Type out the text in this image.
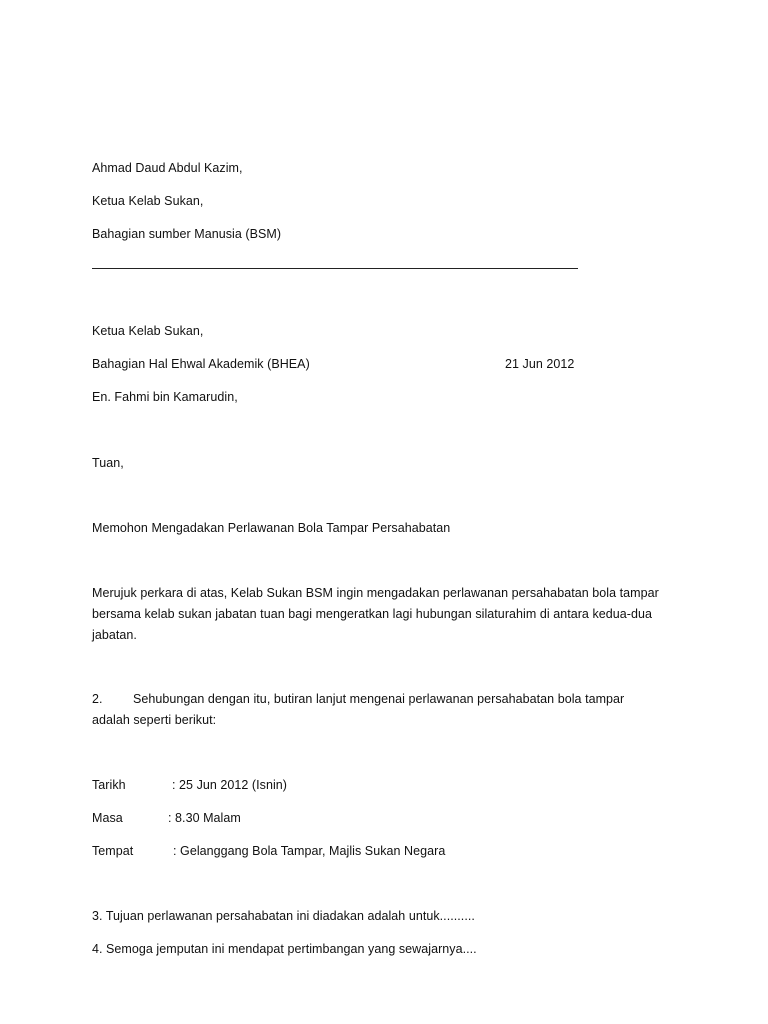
Ahmad Daud Abdul Kazim,
Ketua Kelab Sukan,
Bahagian sumber Manusia (BSM)
Ketua Kelab Sukan,
Bahagian Hal Ehwal Akademik (BHEA)	21 Jun 2012
En. Fahmi bin Kamarudin,
Tuan,
Memohon Mengadakan Perlawanan Bola Tampar Persahabatan
Merujuk perkara di atas, Kelab Sukan BSM ingin mengadakan perlawanan persahabatan bola tampar
bersama kelab sukan jabatan tuan bagi mengeratkan lagi hubungan silaturahim di antara kedua-dua
jabatan.
2. Sehubungan dengan itu, butiran lanjut mengenai perlawanan persahabatan bola tampar
adalah seperti berikut:
Tarikh	: 25 Jun 2012 (Isnin)
Masa	: 8.30 Malam
Tempat	: Gelanggang Bola Tampar, Majlis Sukan Negara
3. Tujuan perlawanan persahabatan ini diadakan adalah untuk..........
4. Semoga jemputan ini mendapat pertimbangan yang sewajarnya....
